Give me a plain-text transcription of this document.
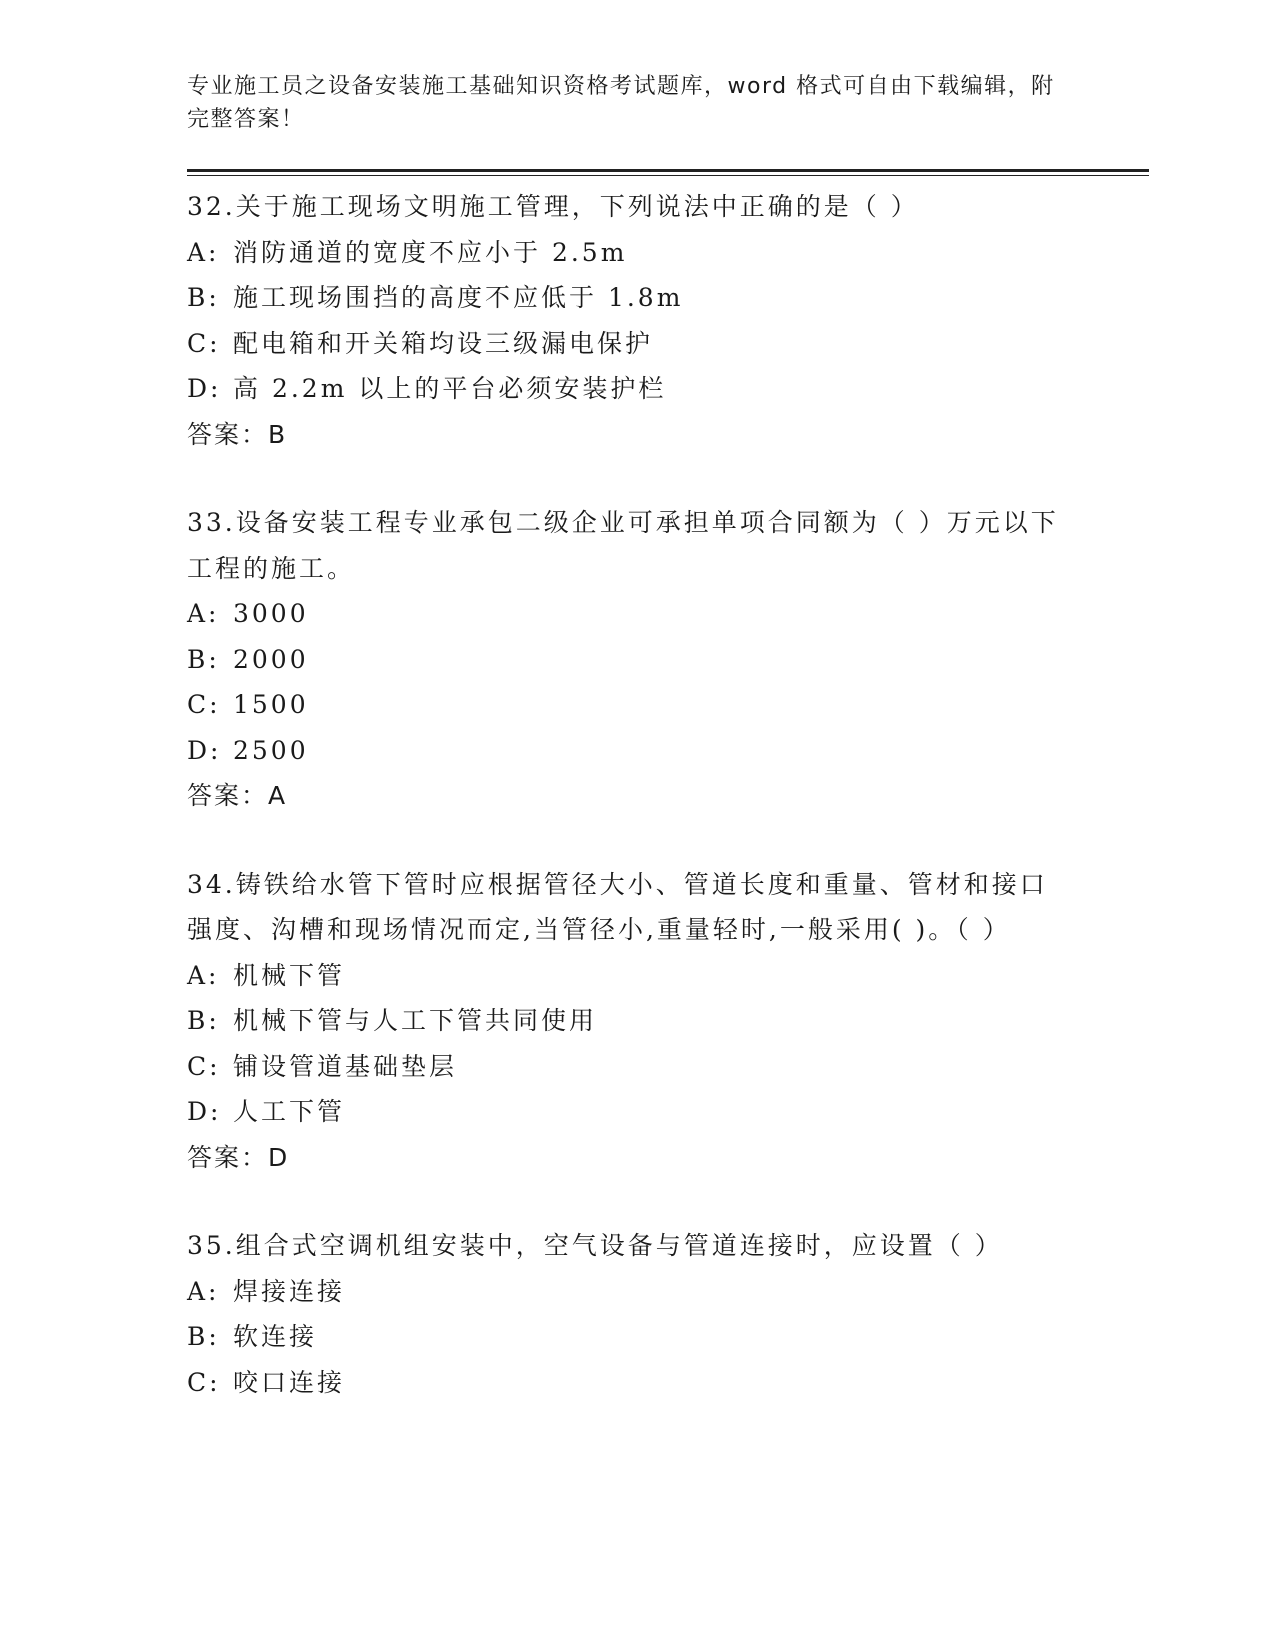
专业施工员之设备安装施工基础知识资格考试题库，word 格式可自由下载编辑，附完整答案！
32.关于施工现场文明施工管理，下列说法中正确的是（ ）
A: 消防通道的宽度不应小于 2.5m
B: 施工现场围挡的高度不应低于 1.8m
C: 配电箱和开关箱均设三级漏电保护
D: 高 2.2m 以上的平台必须安装护栏
答案：B
33.设备安装工程专业承包二级企业可承担单项合同额为（ ）万元以下工程的施工。
A: 3000
B: 2000
C: 1500
D: 2500
答案：A
34.铸铁给水管下管时应根据管径大小、管道长度和重量、管材和接口强度、沟槽和现场情况而定,当管径小,重量轻时,一般采用( )。（ ）
A: 机械下管
B: 机械下管与人工下管共同使用
C: 铺设管道基础垫层
D: 人工下管
答案：D
35.组合式空调机组安装中，空气设备与管道连接时，应设置（ ）
A: 焊接连接
B: 软连接
C: 咬口连接
